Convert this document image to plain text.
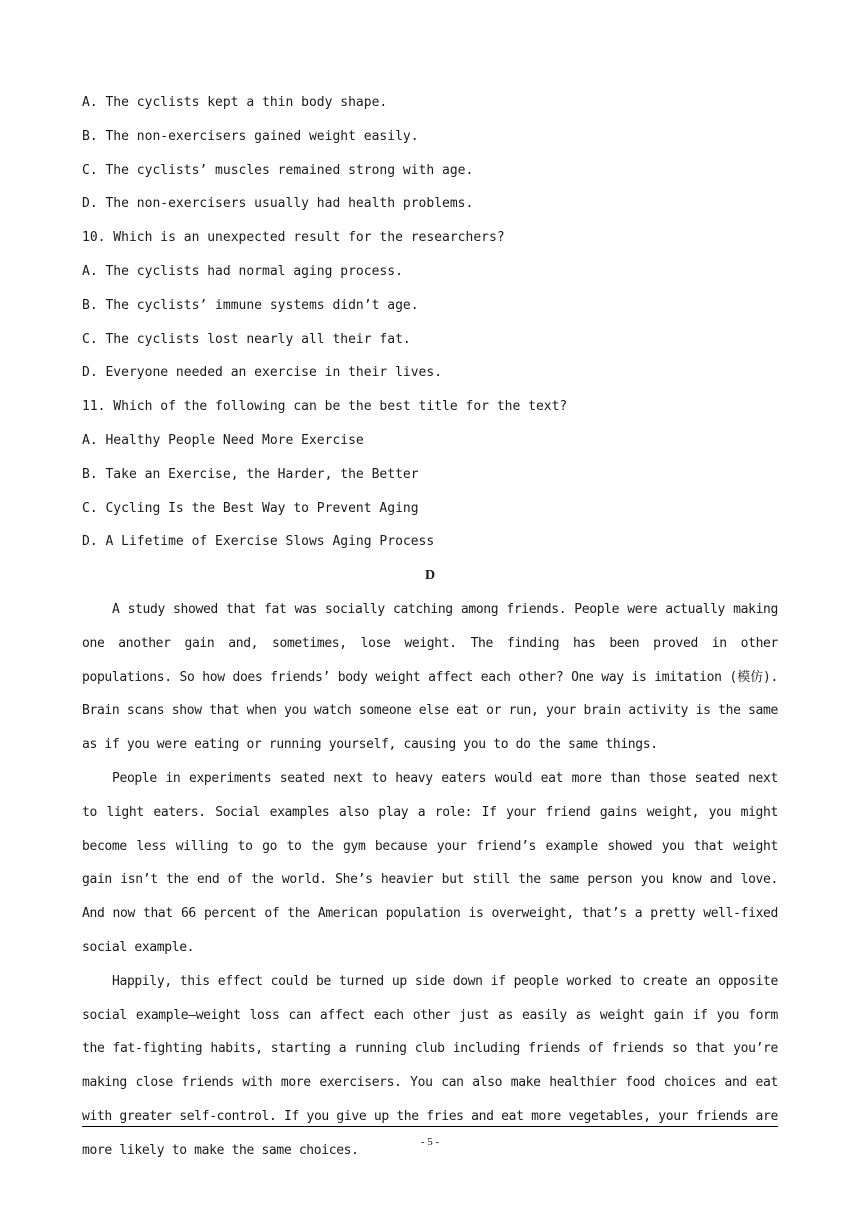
A. The cyclists kept a thin body shape.
B. The non-exercisers gained weight easily.
C. The cyclists’ muscles remained strong with age.
D. The non-exercisers usually had health problems.
10. Which is an unexpected result for the researchers?
A. The cyclists had normal aging process.
B. The cyclists’ immune systems didn’t age.
C. The cyclists lost nearly all their fat.
D. Everyone needed an exercise in their lives.
11. Which of the following can be the best title for the text?
A. Healthy People Need More Exercise
B. Take an Exercise, the Harder, the Better
C. Cycling Is the Best Way to Prevent Aging
D. A Lifetime of Exercise Slows Aging Process
D
A study showed that fat was socially catching among friends. People were actually making one another gain and, sometimes, lose weight. The finding has been proved in other populations. So how does friends’ body weight affect each other? One way is imitation (模仿). Brain scans show that when you watch someone else eat or run, your brain activity is the same as if you were eating or running yourself, causing you to do the same things.
People in experiments seated next to heavy eaters would eat more than those seated next to light eaters. Social examples also play a role: If your friend gains weight, you might become less willing to go to the gym because your friend’s example showed you that weight gain isn’t the end of the world. She’s heavier but still the same person you know and love. And now that 66 percent of the American population is overweight, that’s a pretty well-fixed social example.
Happily, this effect could be turned up side down if people worked to create an opposite social example—weight loss can affect each other just as easily as weight gain if you form the fat-fighting habits, starting a running club including friends of friends so that you’re making close friends with more exercisers. You can also make healthier food choices and eat with greater self-control. If you give up the fries and eat more vegetables, your friends are more likely to make the same choices.
- 5 -
